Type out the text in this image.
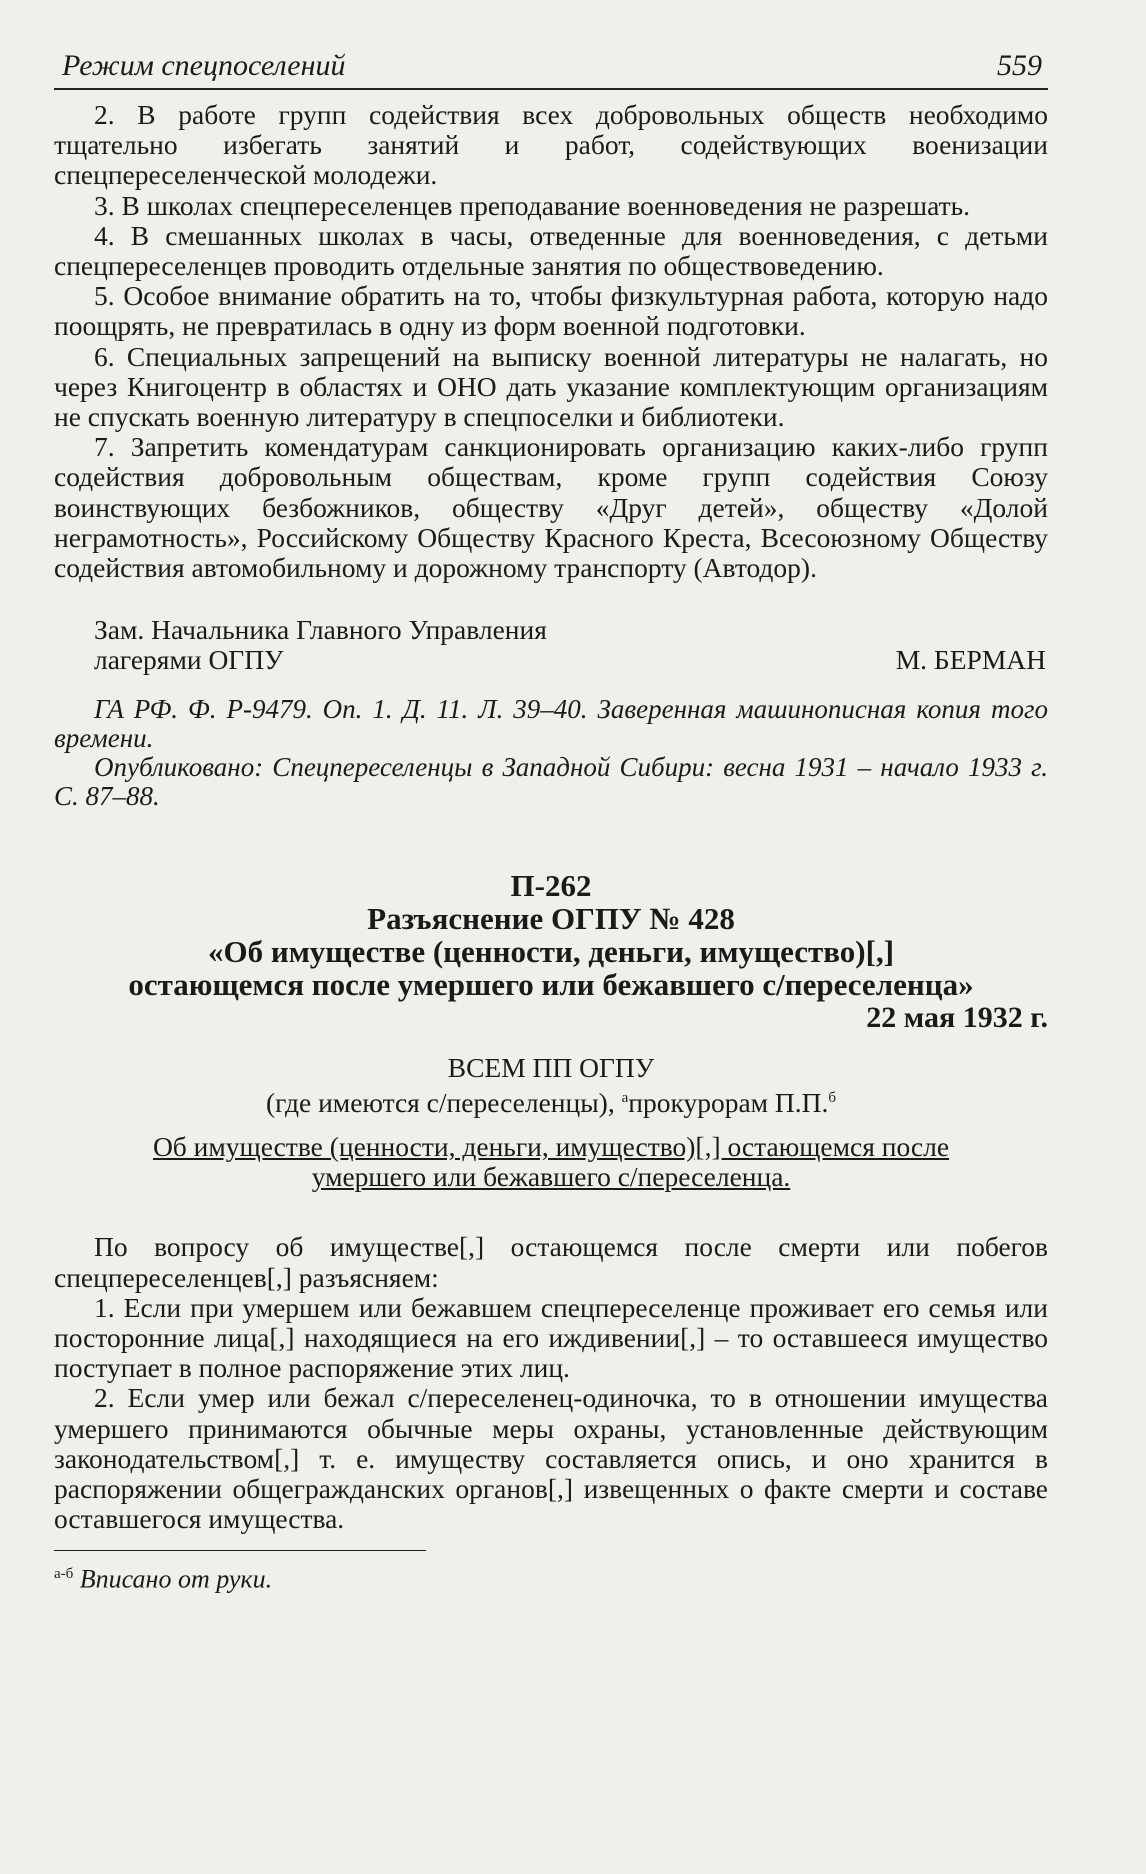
Режим спецпоселений	559

2. В работе групп содействия всех добровольных обществ необходимо тщательно избегать занятий и работ, содействующих военизации спецпереселенческой молодежи.

3. В школах спецпереселенцев преподавание военноведения не разрешать.

4. В смешанных школах в часы, отведенные для военноведения, с детьми спецпереселенцев проводить отдельные занятия по обществоведению.

5. Особое внимание обратить на то, чтобы физкультурная работа, которую надо поощрять, не превратилась в одну из форм военной подготовки.

6. Специальных запрещений на выписку военной литературы не налагать, но через Книгоцентр в областях и ОНО дать указание комплектующим организациям не спускать военную литературу в спецпоселки и библиотеки.

7. Запретить комендатурам санкционировать организацию каких-либо групп содействия добровольным обществам, кроме групп содействия Союзу воинствующих безбожников, обществу «Друг детей», обществу «Долой неграмотность», Российскому Обществу Красного Креста, Всесоюзному Обществу содействия автомобильному и дорожному транспорту (Автодор).

Зам. Начальника Главного Управления
лагерями ОГПУ	М. БЕРМАН

ГА РФ. Ф. Р-9479. Оп. 1. Д. 11. Л. 39–40. Заверенная машинописная копия того времени.

Опубликовано: Спецпереселенцы в Западной Сибири: весна 1931 – начало 1933 г. С. 87–88.

П-262
Разъяснение ОГПУ № 428
«Об имуществе (ценности, деньги, имущество)[,]
остающемся после умершего или бежавшего с/переселенца»
22 мая 1932 г.
ВСЕМ ПП ОГПУ
(где имеются с/переселенцы), $^а$прокурорам П.П.$^б$
Об имуществе (ценности, деньги, имущество)[,] остающемся после
умершего или бежавшего с/переселенца.

По вопросу об имуществе[,] остающемся после смерти или побегов спецпереселенцев[,] разъясняем:

1. Если при умершем или бежавшем спецпереселенце проживает его семья или посторонние лица[,] находящиеся на его иждивении[,] – то оставшееся имущество поступает в полное распоряжение этих лиц.

2. Если умер или бежал с/переселенец-одиночка, то в отношении имущества умершего принимаются обычные меры охраны, установленные действующим законодательством[,] т. е. имуществу составляется опись, и оно хранится в распоряжении общегражданских органов[,] извещенных о факте смерти и составе оставшегося имущества.

$^{а-б}$ Вписано от руки.
